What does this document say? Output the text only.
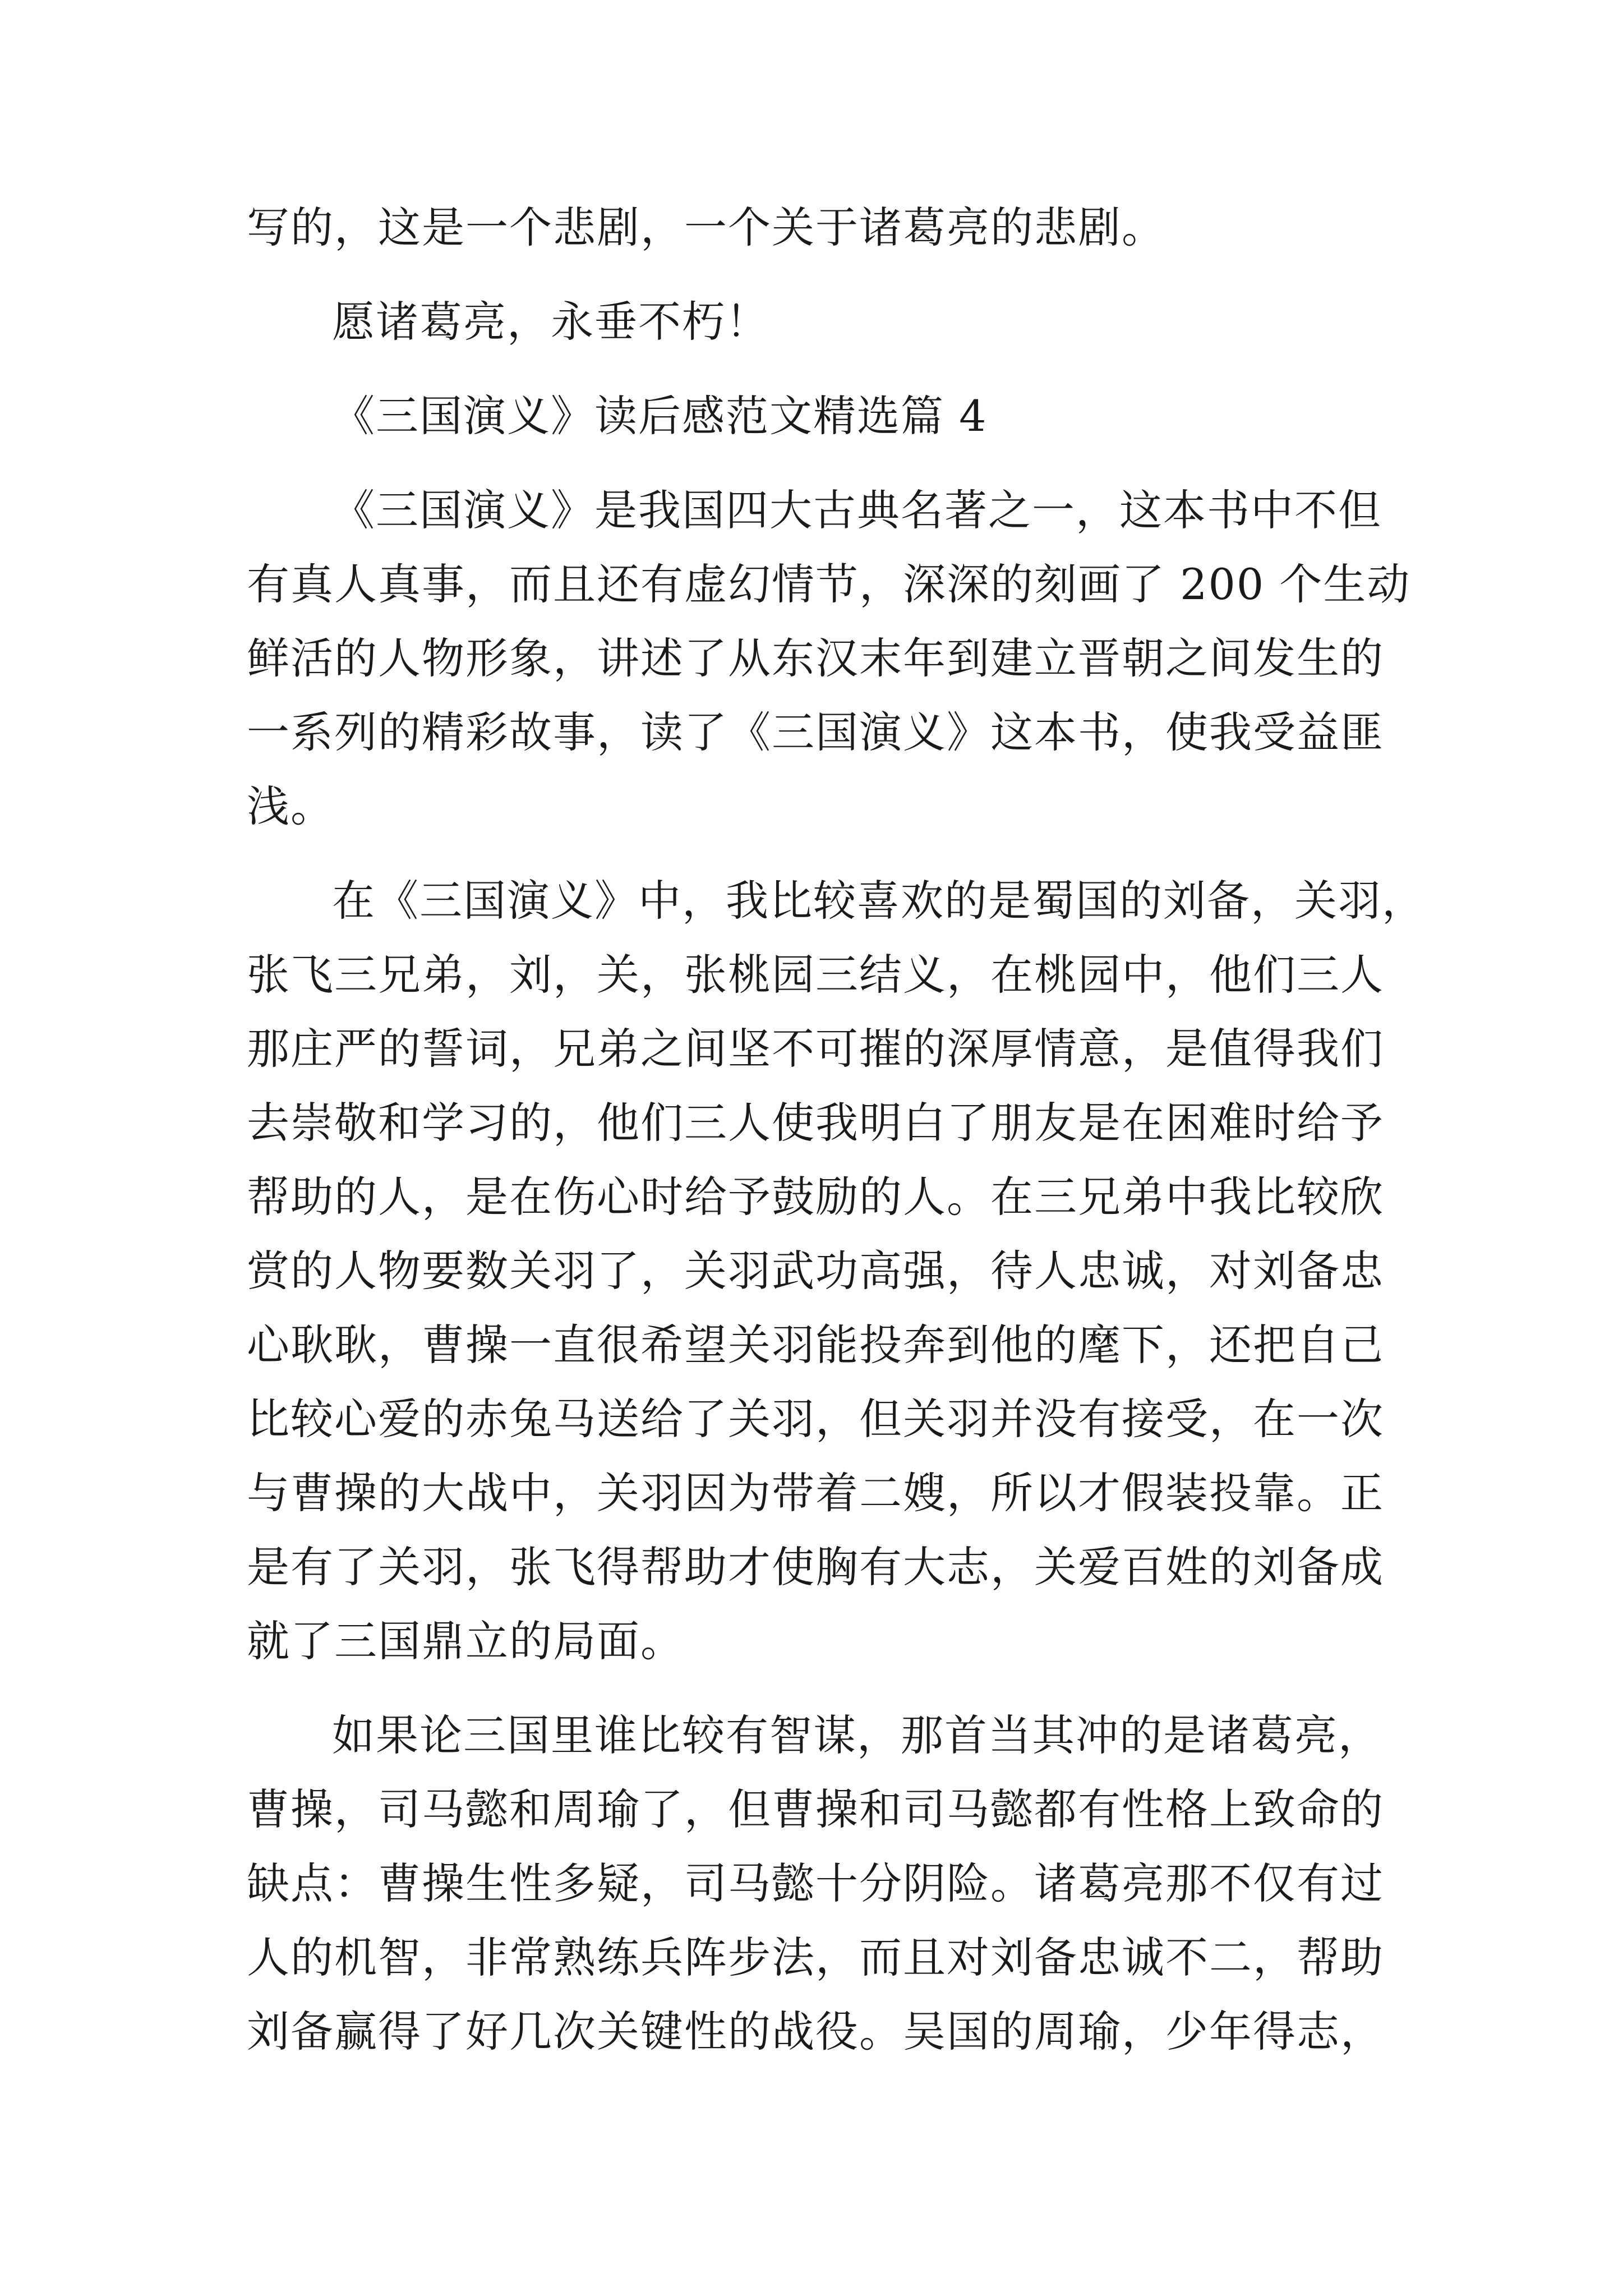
写的，这是一个悲剧，一个关于诸葛亮的悲剧。
愿诸葛亮，永垂不朽！
《三国演义》读后感范文精选篇 4
《三国演义》是我国四大古典名著之一，这本书中不但
有真人真事，而且还有虚幻情节，深深的刻画了 200 个生动
鲜活的人物形象，讲述了从东汉末年到建立晋朝之间发生的
一系列的精彩故事，读了《三国演义》这本书，使我受益匪
浅。
在《三国演义》中，我比较喜欢的是蜀国的刘备，关羽，
张飞三兄弟，刘，关，张桃园三结义，在桃园中，他们三人
那庄严的誓词，兄弟之间坚不可摧的深厚情意，是值得我们
去崇敬和学习的，他们三人使我明白了朋友是在困难时给予
帮助的人，是在伤心时给予鼓励的人。在三兄弟中我比较欣
赏的人物要数关羽了，关羽武功高强，待人忠诚，对刘备忠
心耿耿，曹操一直很希望关羽能投奔到他的麾下，还把自己
比较心爱的赤兔马送给了关羽，但关羽并没有接受，在一次
与曹操的大战中，关羽因为带着二嫂，所以才假装投靠。正
是有了关羽，张飞得帮助才使胸有大志，关爱百姓的刘备成
就了三国鼎立的局面。
如果论三国里谁比较有智谋，那首当其冲的是诸葛亮，
曹操，司马懿和周瑜了，但曹操和司马懿都有性格上致命的
缺点：曹操生性多疑，司马懿十分阴险。诸葛亮那不仅有过
人的机智，非常熟练兵阵步法，而且对刘备忠诚不二，帮助
刘备赢得了好几次关键性的战役。吴国的周瑜，少年得志，
